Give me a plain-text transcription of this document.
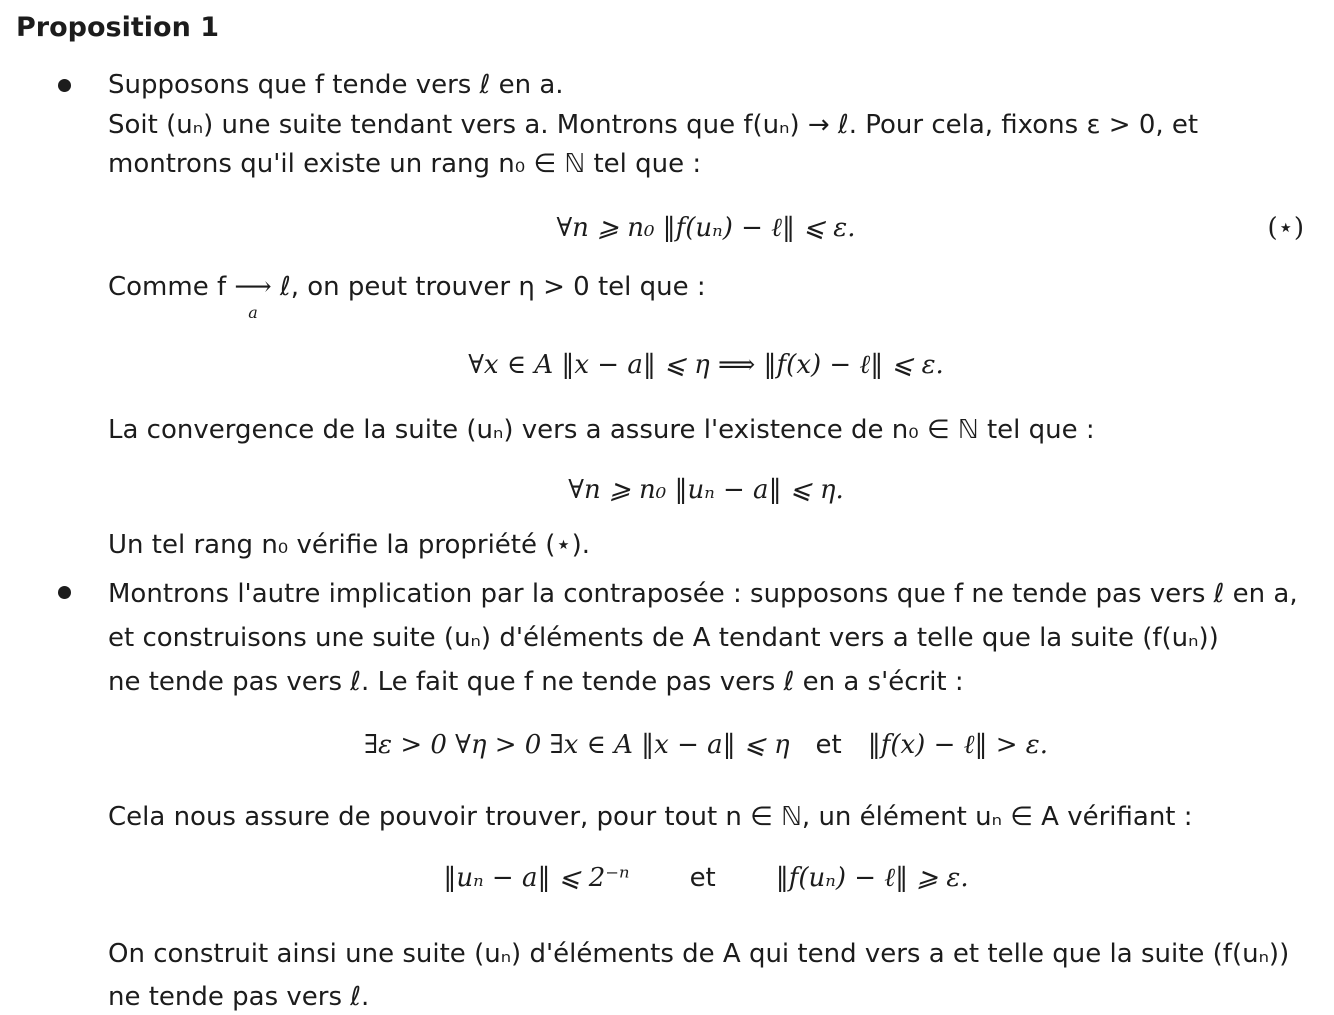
Proposition 1
Supposons que f tende vers ℓ en a.
Soit (uₙ) une suite tendant vers a. Montrons que f(uₙ) → ℓ. Pour cela, fixons ε > 0, et
montrons qu'il existe un rang n₀ ∈ ℕ tel que :
∀n ⩾ n₀ ‖f(uₙ) − ℓ‖ ⩽ ε.	(⋆)
Comme f ⟶
a
ℓ, on peut trouver η > 0 tel que :
∀x ∈ A ‖x − a‖ ⩽ η ⟹ ‖f(x) − ℓ‖ ⩽ ε.
La convergence de la suite (uₙ) vers a assure l'existence de n₀ ∈ ℕ tel que :
∀n ⩾ n₀ ‖uₙ − a‖ ⩽ η.
Un tel rang n₀ vérifie la propriété (⋆).
Montrons l'autre implication par la contraposée : supposons que f ne tende pas vers ℓ en a,
et construisons une suite (uₙ) d'éléments de A tendant vers a telle que la suite (f(uₙ))
ne tende pas vers ℓ. Le fait que f ne tende pas vers ℓ en a s'écrit :
∃ε > 0 ∀η > 0 ∃x ∈ A ‖x − a‖ ⩽ η et ‖f(x) − ℓ‖ > ε.
Cela nous assure de pouvoir trouver, pour tout n ∈ ℕ, un élément uₙ ∈ A vérifiant :
‖uₙ − a‖ ⩽ 2⁻ⁿ et ‖f(uₙ) − ℓ‖ ⩾ ε.
On construit ainsi une suite (uₙ) d'éléments de A qui tend vers a et telle que la suite (f(uₙ))
ne tende pas vers ℓ.
